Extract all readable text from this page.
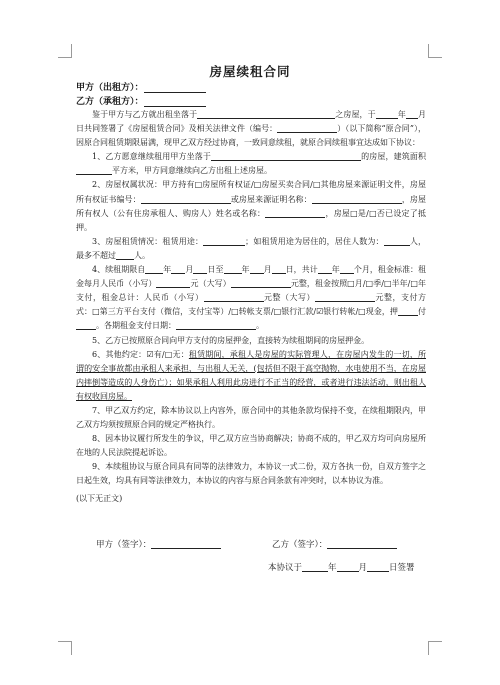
房屋续租合同
甲方（出租方）：
乙方（承租方）：

鉴于甲方与乙方就出租坐落于	之房屋，于	年 月日共同签署了《房屋租赁合同》及相关法律文件（编号：	）（以下简称“原合同”），因原合同租赁期限届满，现甲乙双方经过协商，一致同意续租，就原合同续租事宜达成如下协议：

1、乙方愿意继续租用甲方坐落于	的房屋，建筑面积平方米，甲方同意继续向乙方出租上述房屋。

2、房屋权属状况：甲方持有□房屋所有权证/□房屋买卖合同/□其他房屋来源证明文件，房屋所有权证书编号：	或房屋来源证明名称：	，房屋所有权人（公有住房承租人、购房人）姓名或名称：	，房屋□是/□否已设定了抵押。

3、房屋租赁情况：租赁用途：	；如租赁用途为居住的，居住人数为：	人，最多不超过 人。

4、续租期限自 年 月 日至 年 月 日，共计 年 个月，租金标准：租金每月人民币（小写）	元（大写）	元整，租金按照□月/□季/□半年/□年支付，租金总计：人民币（小写）	元整（大写）	元整，支付方式：□第三方平台支付（微信，支付宝等）/□转帐支票/□银行汇款/☑银行转帐/□现金，押	付。各期租金支付日期：	。

5、乙方已按照原合同向甲方支付的房屋押金，直接转为续租期间的房屋押金。

6、其他约定：☑有/□无：租赁期间，承租人是房屋的实际管理人，在房屋内发生的一切，所谓的安全事故都由承租人来承担，与出租人无关，(包括但不限于高空抛物，水电使用不当，在房屋内摔倒等造成的人身伤亡）；如果承租人利用此房进行不正当的经营，或者进行违法活动，则出租人有权收回房屋。

7、甲乙双方约定，除本协议以上内容外，原合同中的其他条款均保持不变，在续租期限内，甲乙双方均须按照原合同的规定严格执行。

8、因本协议履行所发生的争议，甲乙双方应当协商解决；协商不成的，甲乙双方均可向房屋所在地的人民法院提起诉讼。

9、本续租协议与原合同具有同等的法律效力，本协议一式二份，双方各执一份，自双方签字之日起生效，均具有同等法律效力，本协议的内容与原合同条款有冲突时，以本协议为准。

(以下无正文)

甲方（签字）：	乙方（签字）：
本协议于	年	月	日签署
